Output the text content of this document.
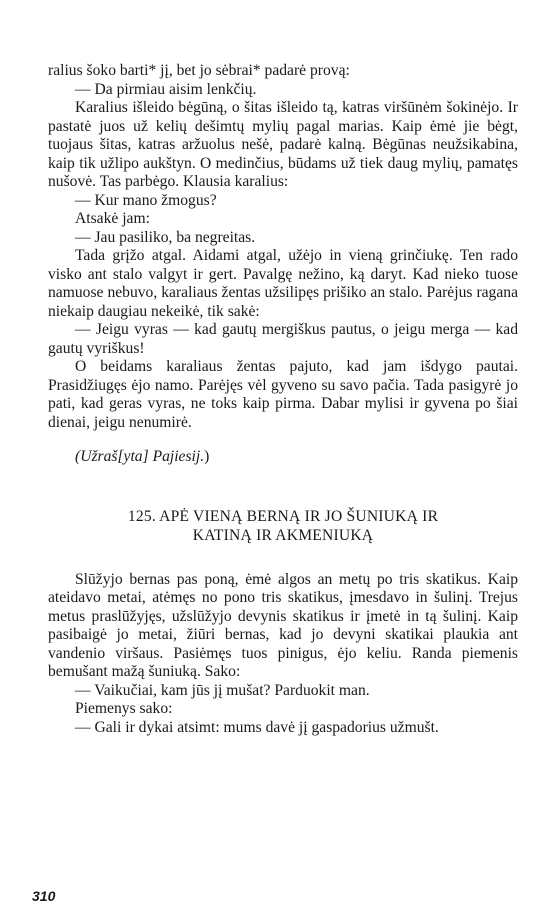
ralius šoko barti* jį, bet jo sėbrai* padarė provą:

— Da pirmiau aisim lenkčių.

Karalius išleido bėgūną, o šitas išleido tą, katras viršūnėm šokinėjo. Ir pastatė juos už kelių dešimtų mylių pagal marias. Kaip ėmė jie bėgt, tuojaus šitas, katras aržuolus nešė, padarė kalną. Bėgūnas neužsikabina, kaip tik užlipo aukštyn. O medinčius, būdams už tiek daug mylių, pamatęs nušovė. Tas parbėgo. Klausia karalius:

— Kur mano žmogus?

Atsakė jam:

— Jau pasiliko, ba negreitas.

Tada grįžo atgal. Aidami atgal, užėjo in vieną grinčiukę. Ten rado visko ant stalo valgyt ir gert. Pavalgę nežino, ką daryt. Kad nieko tuose namuose nebuvo, karaliaus žentas užsilipęs prišiko an stalo. Parėjus ragana niekaip daugiau nekeikė, tik sakė:

— Jeigu vyras — kad gautų mergiškus pautus, o jeigu merga — kad gautų vyriškus!

O beidams karaliaus žentas pajuto, kad jam išdygo pautai. Prasidžiugęs ėjo namo. Parėjęs vėl gyveno su savo pačia. Tada pasigyrė jo pati, kad geras vyras, ne toks kaip pirma. Dabar mylisi ir gyvena po šiai dienai, jeigu nenumirė.

(Užraš[yta] Pajiesij.)

125. APĖ VIENĄ BERNĄ IR JO ŠUNIUKĄ IR
KATINĄ IR AKMENIUKĄ

Slūžyjo bernas pas poną, ėmė algos an metų po tris skatikus. Kaip ateidavo metai, atėmęs no pono tris skatikus, įmesdavo in šulinį. Trejus metus praslūžyjęs, užslūžyjo devynis skatikus ir įmetė in tą šulinį. Kaip pasibaigė jo metai, žiūri bernas, kad jo devyni skatikai plaukia ant vandenio viršaus. Pasiėmęs tuos pinigus, ėjo keliu. Randa piemenis bemušant mažą šuniuką. Sako:

— Vaikučiai, kam jūs jį mušat? Parduokit man.

Piemenys sako:

— Gali ir dykai atsimt: mums davė jį gaspadorius užmušt.

310
